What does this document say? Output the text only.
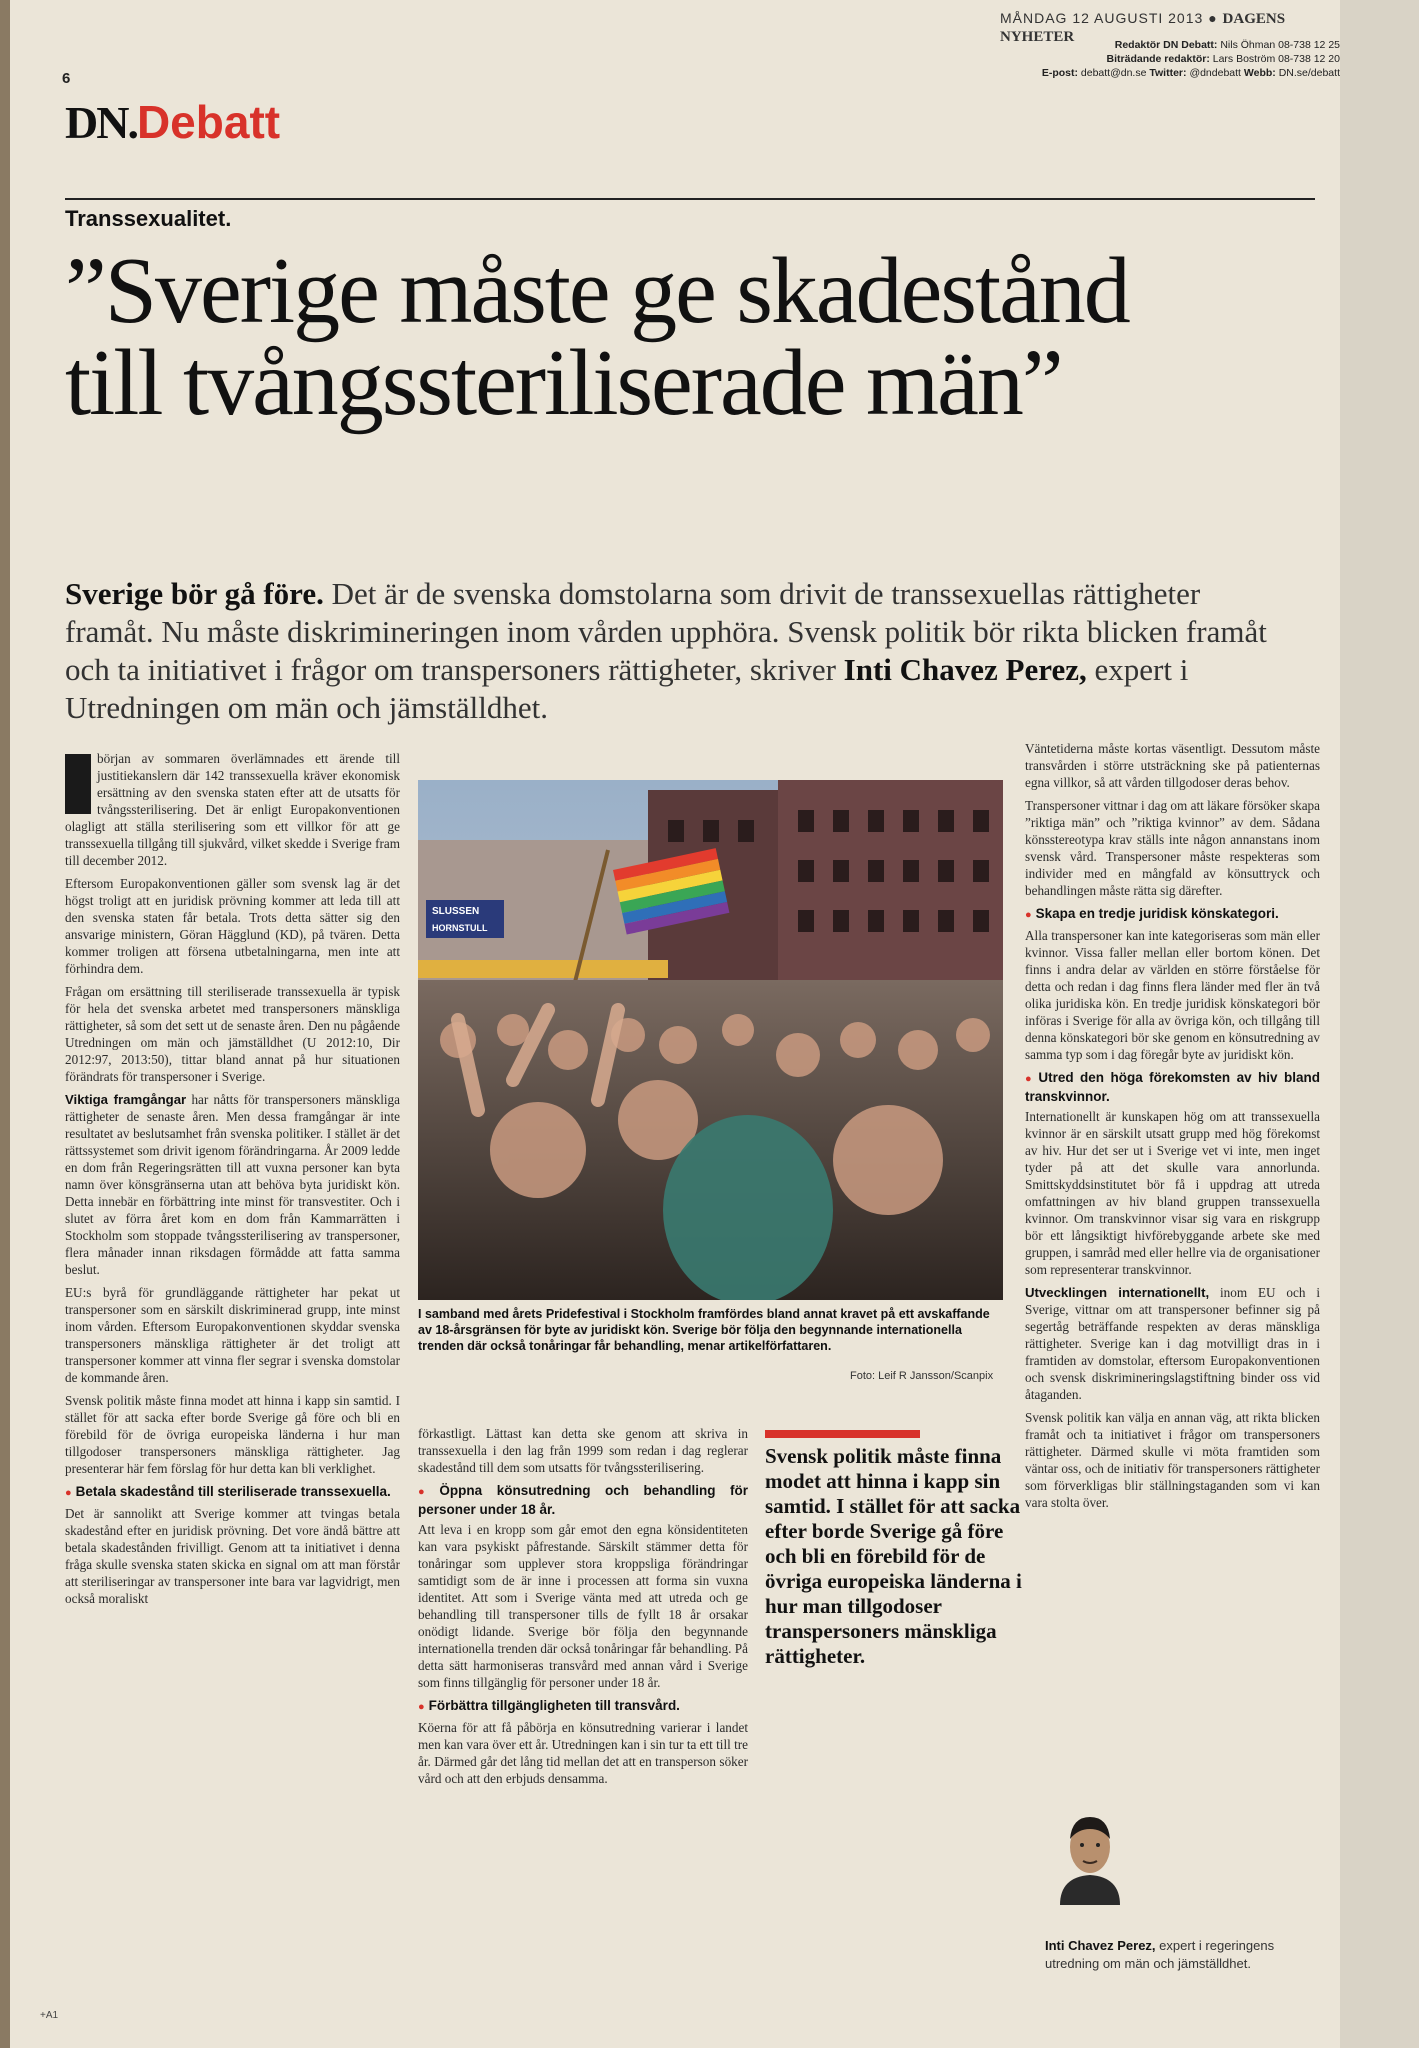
MÅNDAG 12 AUGUSTI 2013 ● DAGENS NYHETER	Redaktör DN Debatt: Nils Öhman 08-738 12 25
Biträdande redaktör: Lars Boström 08-738 12 20
E-post: debatt@dn.se Twitter: @dndebatt Webb: DN.se/debatt
6
DN.Debatt
Transsexualitet.
”Sverige måste ge skadestånd
till tvångssteriliserade män”
Sverige bör gå före. Det är de svenska domstolarna som drivit de transsexuellas rättigheter framåt. Nu måste diskrimineringen inom vården upphöra. Svensk politik bör rikta blicken framåt och ta initiativet i frågor om transpersoners rättigheter, skriver Inti Chavez Perez, expert i Utredningen om män och jämställdhet.

början av sommaren överlämnades ett ärende till justitiekanslern där 142 transsexuella kräver ekonomisk ersättning av den svenska staten efter att de utsatts för tvångssterilisering. Det är enligt Europakonventionen olagligt att ställa sterilisering som ett villkor för att ge transsexuella tillgång till sjukvård, vilket skedde i Sverige fram till december 2012.

Eftersom Europakonventionen gäller som svensk lag är det högst troligt att en juridisk prövning kommer att leda till att den svenska staten får betala. Trots detta sätter sig den ansvarige ministern, Göran Hägglund (KD), på tvären. Detta kommer troligen att försena utbetalningarna, men inte att förhindra dem.

Frågan om ersättning till steriliserade transsexuella är typisk för hela det svenska arbetet med transpersoners mänskliga rättigheter, så som det sett ut de senaste åren. Den nu pågående Utredningen om män och jämställdhet (U 2012:10, Dir 2012:97, 2013:50), tittar bland annat på hur situationen förändrats för transpersoner i Sverige.

Viktiga framgångar har nåtts för transpersoners mänskliga rättigheter de senaste åren. Men dessa framgångar är inte resultatet av beslutsamhet från svenska politiker. I stället är det rättssystemet som drivit igenom förändringarna. År 2009 ledde en dom från Regeringsrätten till att vuxna personer kan byta namn över könsgränserna utan att behöva byta juridiskt kön. Detta innebär en förbättring inte minst för transvestiter. Och i slutet av förra året kom en dom från Kammarrätten i Stockholm som stoppade tvångssterilisering av transpersoner, flera månader innan riksdagen förmådde att fatta samma beslut.

EU:s byrå för grundläggande rättigheter har pekat ut transpersoner som en särskilt diskriminerad grupp, inte minst inom vården. Eftersom Europakonventionen skyddar svenska transpersoners mänskliga rättigheter är det troligt att transpersoner kommer att vinna fler segrar i svenska domstolar de kommande åren.

Svensk politik måste finna modet att hinna i kapp sin samtid. I stället för att sacka efter borde Sverige gå före och bli en förebild för de övriga europeiska länderna i hur man tillgodoser transpersoners mänskliga rättigheter. Jag presenterar här fem förslag för hur detta kan bli verklighet.

● Betala skadestånd till steriliserade transsexuella.

Det är sannolikt att Sverige kommer att tvingas betala skadestånd efter en juridisk prövning. Det vore ändå bättre att betala skadestånden frivilligt. Genom att ta initiativet i denna fråga skulle svenska staten skicka en signal om att man förstår att steriliseringar av transpersoner inte bara var lagvidrigt, men också moraliskt

SLUSSEN
HORNSTULL
I samband med årets Pridefestival i Stockholm framfördes bland annat kravet på ett avskaffande av 18-årsgränsen för byte av juridiskt kön. Sverige bör följa den begynnande internationella trenden där också tonåringar får behandling, menar artikelförfattaren.
Foto: Leif R Jansson/Scanpix

förkastligt. Lättast kan detta ske genom att skriva in transsexuella i den lag från 1999 som redan i dag reglerar skadestånd till dem som utsatts för tvångssterilisering.

● Öppna könsutredning och behandling för personer under 18 år.

Att leva i en kropp som går emot den egna könsidentiteten kan vara psykiskt påfrestande. Särskilt stämmer detta för tonåringar som upplever stora kroppsliga förändringar samtidigt som de är inne i processen att forma sin vuxna identitet. Att som i Sverige vänta med att utreda och ge behandling till transpersoner tills de fyllt 18 år orsakar onödigt lidande. Sverige bör följa den begynnande internationella trenden där också tonåringar får behandling. På detta sätt harmoniseras transvård med annan vård i Sverige som finns tillgänglig för personer under 18 år.

● Förbättra tillgängligheten till transvård.

Köerna för att få påbörja en könsutredning varierar i landet men kan vara över ett år. Utredningen kan i sin tur ta ett till tre år. Därmed går det lång tid mellan det att en transperson söker vård och att den erbjuds densamma.

Svensk politik måste finna modet att hinna i kapp sin samtid. I stället för att sacka efter borde Sverige gå före och bli en förebild för de övriga europeiska länderna i hur man tillgodoser transpersoners mänskliga rättigheter.

Väntetiderna måste kortas väsentligt. Dessutom måste transvården i större utsträckning ske på patienternas egna villkor, så att vården tillgodoser deras behov.

Transpersoner vittnar i dag om att läkare försöker skapa ”riktiga män” och ”riktiga kvinnor” av dem. Sådana könsstereotypa krav ställs inte någon annanstans inom svensk vård. Transpersoner måste respekteras som individer med en mångfald av könsuttryck och behandlingen måste rätta sig därefter.

● Skapa en tredje juridisk könskategori.

Alla transpersoner kan inte kategoriseras som män eller kvinnor. Vissa faller mellan eller bortom könen. Det finns i andra delar av världen en större förståelse för detta och redan i dag finns flera länder med fler än två olika juridiska kön. En tredje juridisk könskategori bör införas i Sverige för alla av övriga kön, och tillgång till denna könskategori bör ske genom en könsutredning av samma typ som i dag föregår byte av juridiskt kön.

● Utred den höga förekomsten av hiv bland transkvinnor.

Internationellt är kunskapen hög om att transsexuella kvinnor är en särskilt utsatt grupp med hög förekomst av hiv. Hur det ser ut i Sverige vet vi inte, men inget tyder på att det skulle vara annorlunda. Smittskyddsinstitutet bör få i uppdrag att utreda omfattningen av hiv bland gruppen transsexuella kvinnor. Om transkvinnor visar sig vara en riskgrupp bör ett långsiktigt hivförebyggande arbete ske med gruppen, i samråd med eller hellre via de organisationer som representerar transkvinnor.

Utvecklingen internationellt, inom EU och i Sverige, vittnar om att transpersoner befinner sig på segertåg beträffande respekten av deras mänskliga rättigheter. Sverige kan i dag motvilligt dras in i framtiden av domstolar, eftersom Europakonventionen och svensk diskrimineringslagstiftning binder oss vid åtaganden.

Svensk politik kan välja en annan väg, att rikta blicken framåt och ta initiativet i frågor om transpersoners rättigheter. Därmed skulle vi möta framtiden som väntar oss, och de initiativ för transpersoners rättigheter som förverkligas blir ställningstaganden som vi kan vara stolta över.

Inti Chavez Perez, expert i regeringens utredning om män och jämställdhet.
+A1
